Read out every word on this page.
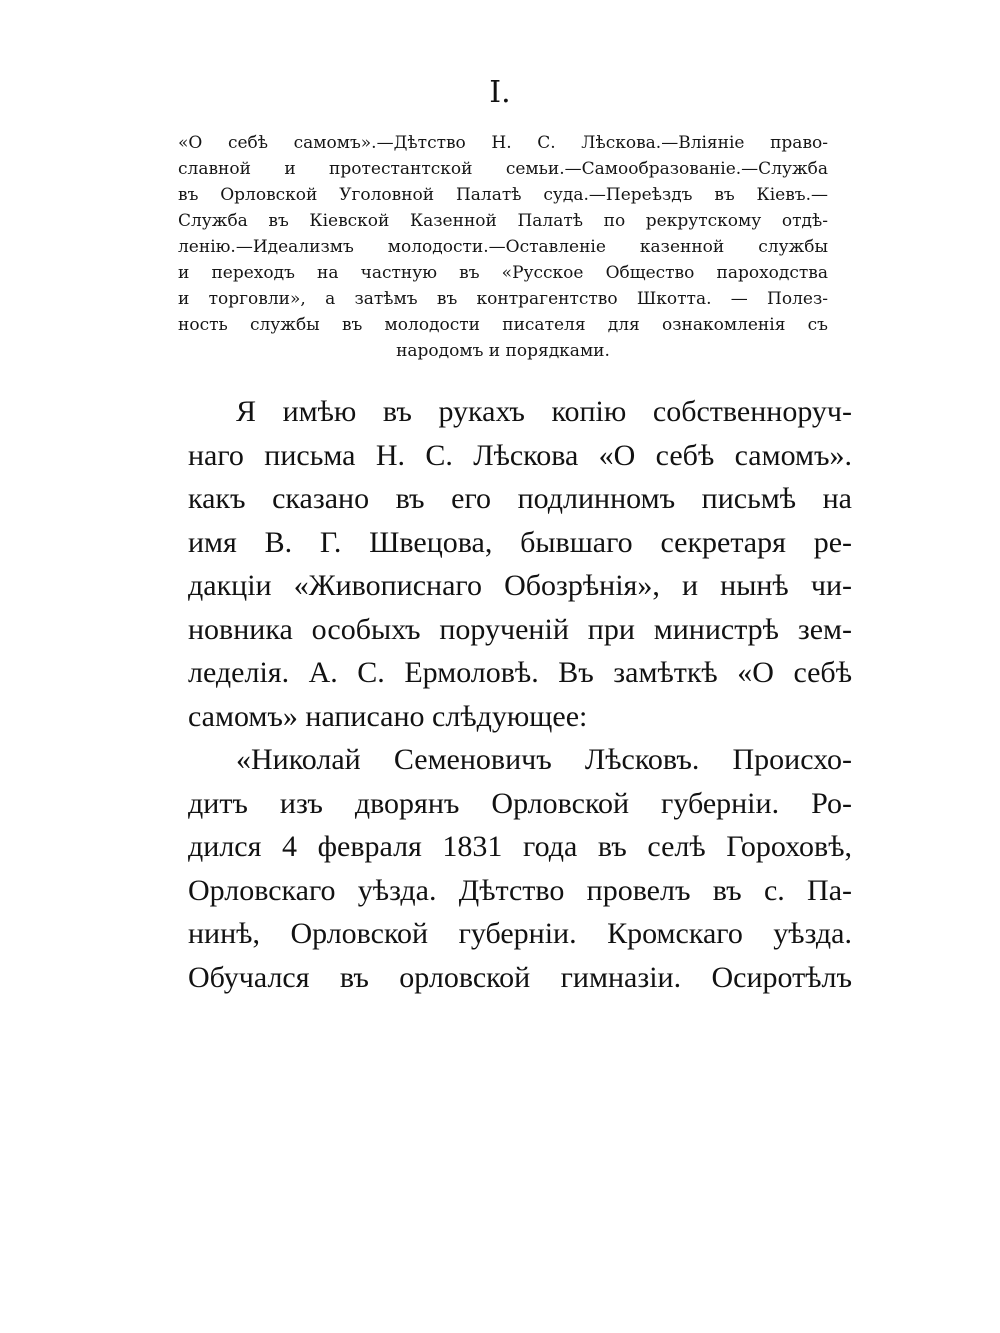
I.
«О себѣ самомъ».—Дѣтство Н. С. Лѣскова.—Вліяніе право-
славной и протестантской семьи.—Самообразованіе.—Служба
въ Орловской Уголовной Палатѣ суда.—Переѣздъ въ Кіевъ.—
Служба въ Кіевской Казенной Палатѣ по рекрутскому отдѣ-
ленію.—Идеализмъ молодости.—Оставленіе казенной службы
и переходъ на частную въ «Русское Общество пароходства
и торговли», а затѣмъ въ контрагентство Шкотта. — Полез-
ность службы въ молодости писателя для ознакомленія съ
народомъ и порядками.
Я имѣю въ рукахъ копію собственноруч-
наго письма Н. С. Лѣскова «О себѣ самомъ».
какъ сказано въ его подлинномъ письмѣ на
имя В. Г. Швецова, бывшаго секретаря ре-
дакціи «Живописнаго Обозрѣнія», и нынѣ чи-
новника особыхъ порученій при министрѣ зем-
леделія. А. С. Ермоловѣ. Въ замѣткѣ «О себѣ
самомъ» написано слѣдующее:
«Николай Семеновичъ Лѣсковъ. Происхо-
дитъ изъ дворянъ Орловской губерніи. Ро-
дился 4 февраля 1831 года въ селѣ Гороховѣ,
Орловскаго уѣзда. Дѣтство провелъ въ с. Па-
нинѣ, Орловской губерніи. Кромскаго уѣзда.
Обучался въ орловской гимназіи. Осиротѣлъ
